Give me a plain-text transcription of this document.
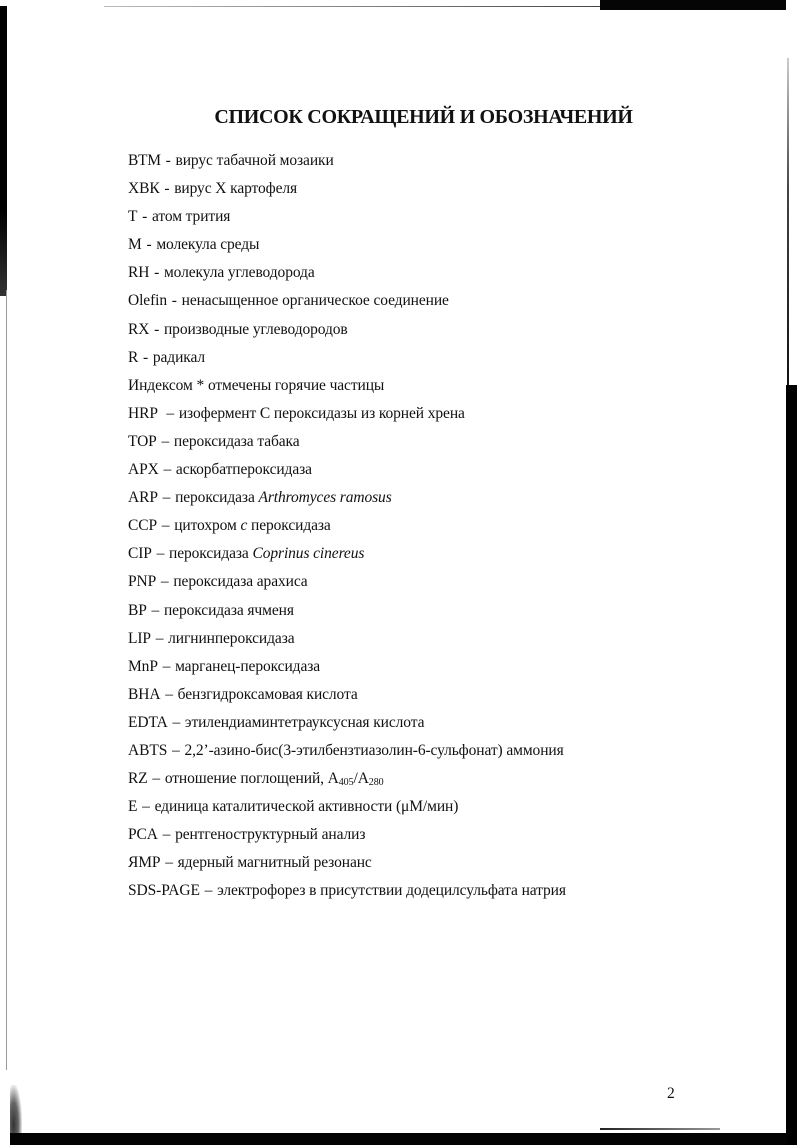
СПИСОК СОКРАЩЕНИЙ И ОБОЗНАЧЕНИЙ
ВТМ - вирус табачной мозаики
ХВК - вирус Х картофеля
Т - атом трития
М - молекула среды
RH - молекула углеводорода
Olefin - ненасыщенное органическое соединение
RX - производные углеводородов
R - радикал
Индексом * отмечены горячие частицы
HRP  – изофермент С пероксидазы из корней хрена
TOP – пероксидаза табака
APX – аскорбатпероксидаза
ARP – пероксидаза Arthromyces ramosus
CCP – цитохром c пероксидаза
CIP – пероксидаза Coprinus cinereus
PNP – пероксидаза арахиса
BP – пероксидаза ячменя
LIP – лигнинпероксидаза
MnP – марганец-пероксидаза
BHA – бензгидроксамовая кислота
EDTA – этилендиаминтетрауксусная кислота
ABTS – 2,2’-азино-бис(3-этилбензтиазолин-6-сульфонат) аммония
RZ – отношение поглощений, $A_{405}/A_{280}$
E – единица каталитической активности (μM/мин)
PCA – рентгеноструктурный анализ
ЯМР – ядерный магнитный резонанс
SDS-PAGE – электрофорез в присутствии додецилсульфата натрия
2
